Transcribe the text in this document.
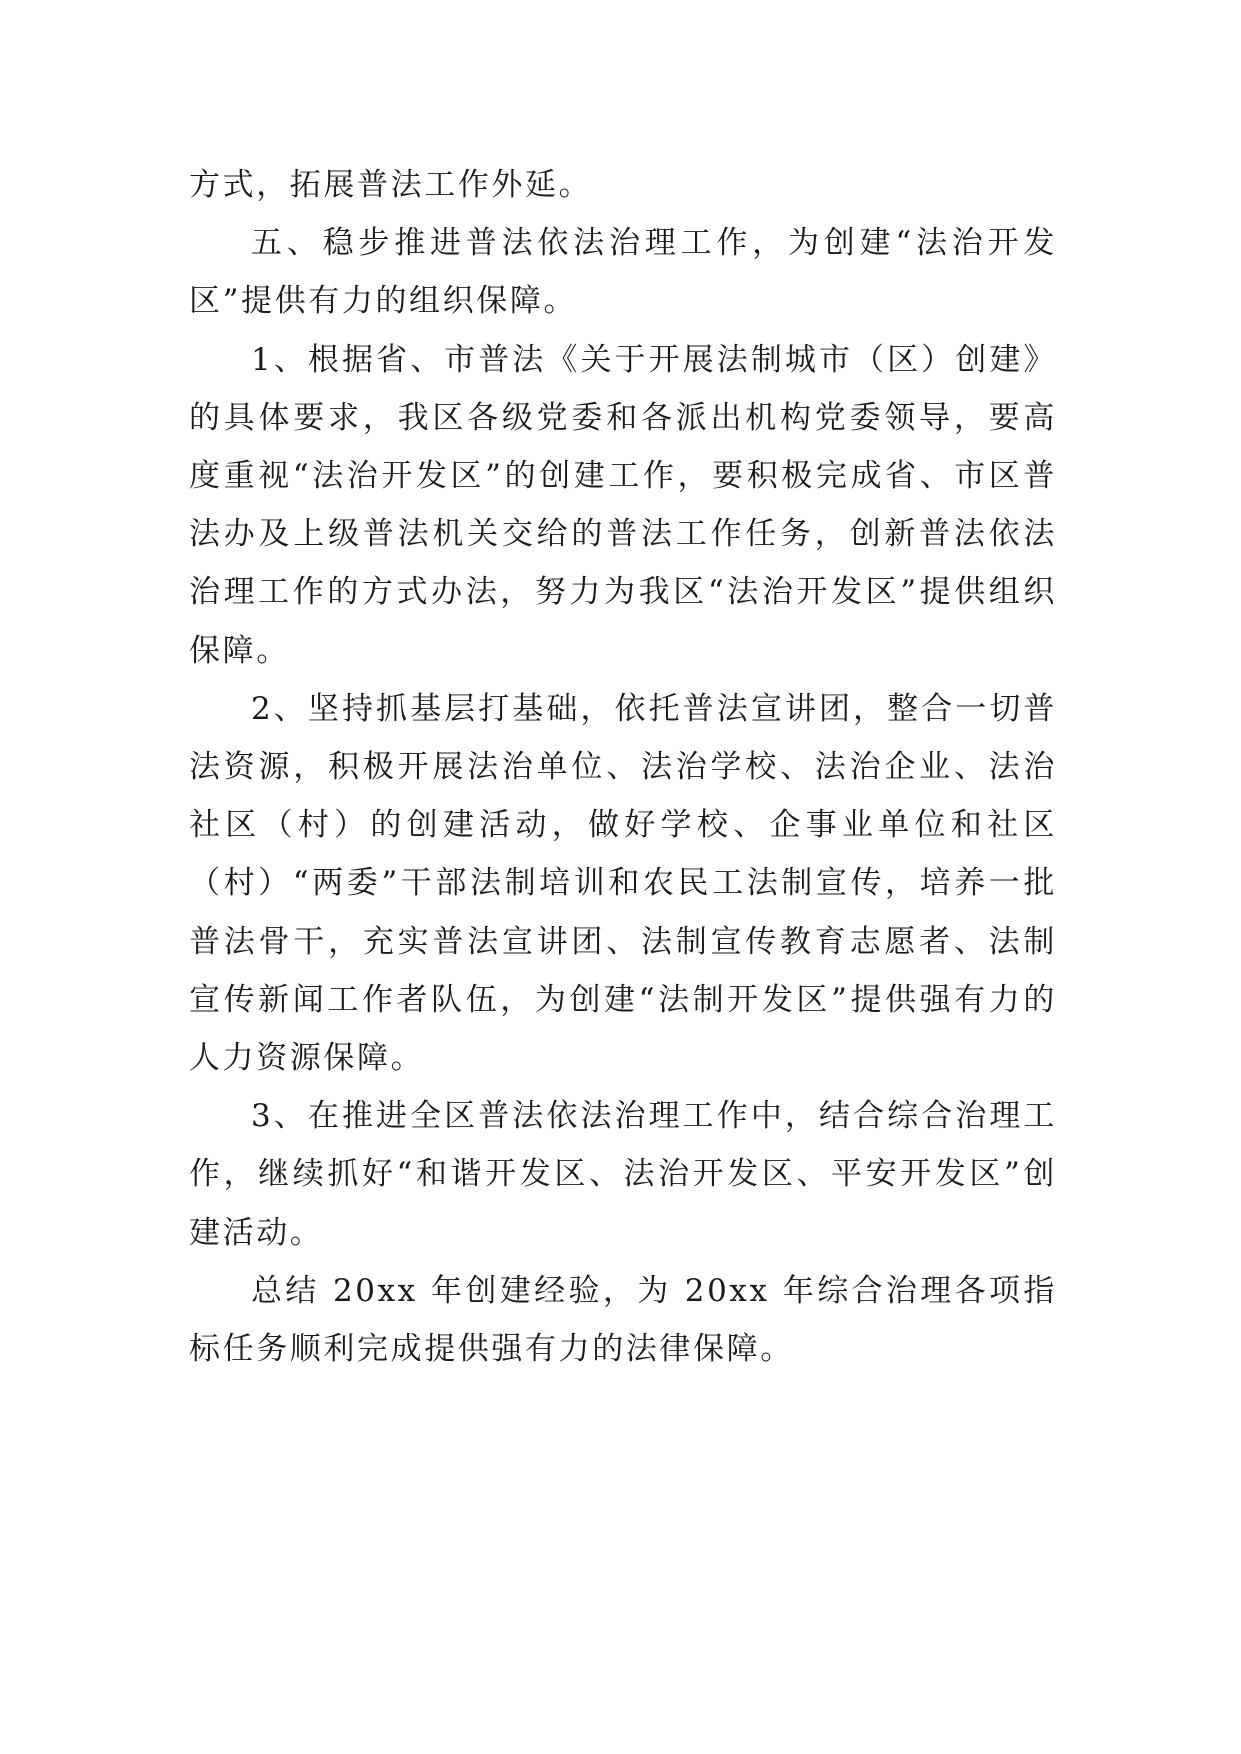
方式，拓展普法工作外延。

五、稳步推进普法依法治理工作，为创建“法治开发区”提供有力的组织保障。

1、根据省、市普法《关于开展法制城市（区）创建》的具体要求，我区各级党委和各派出机构党委领导，要高度重视“法治开发区”的创建工作，要积极完成省、市区普法办及上级普法机关交给的普法工作任务，创新普法依法治理工作的方式办法，努力为我区“法治开发区”提供组织保障。

2、坚持抓基层打基础，依托普法宣讲团，整合一切普法资源，积极开展法治单位、法治学校、法治企业、法治社区（村）的创建活动，做好学校、企事业单位和社区（村）“两委”干部法制培训和农民工法制宣传，培养一批普法骨干，充实普法宣讲团、法制宣传教育志愿者、法制宣传新闻工作者队伍，为创建“法制开发区”提供强有力的人力资源保障。

3、在推进全区普法依法治理工作中，结合综合治理工作，继续抓好“和谐开发区、法治开发区、平安开发区”创建活动。

总结 20xx 年创建经验，为 20xx 年综合治理各项指标任务顺利完成提供强有力的法律保障。
